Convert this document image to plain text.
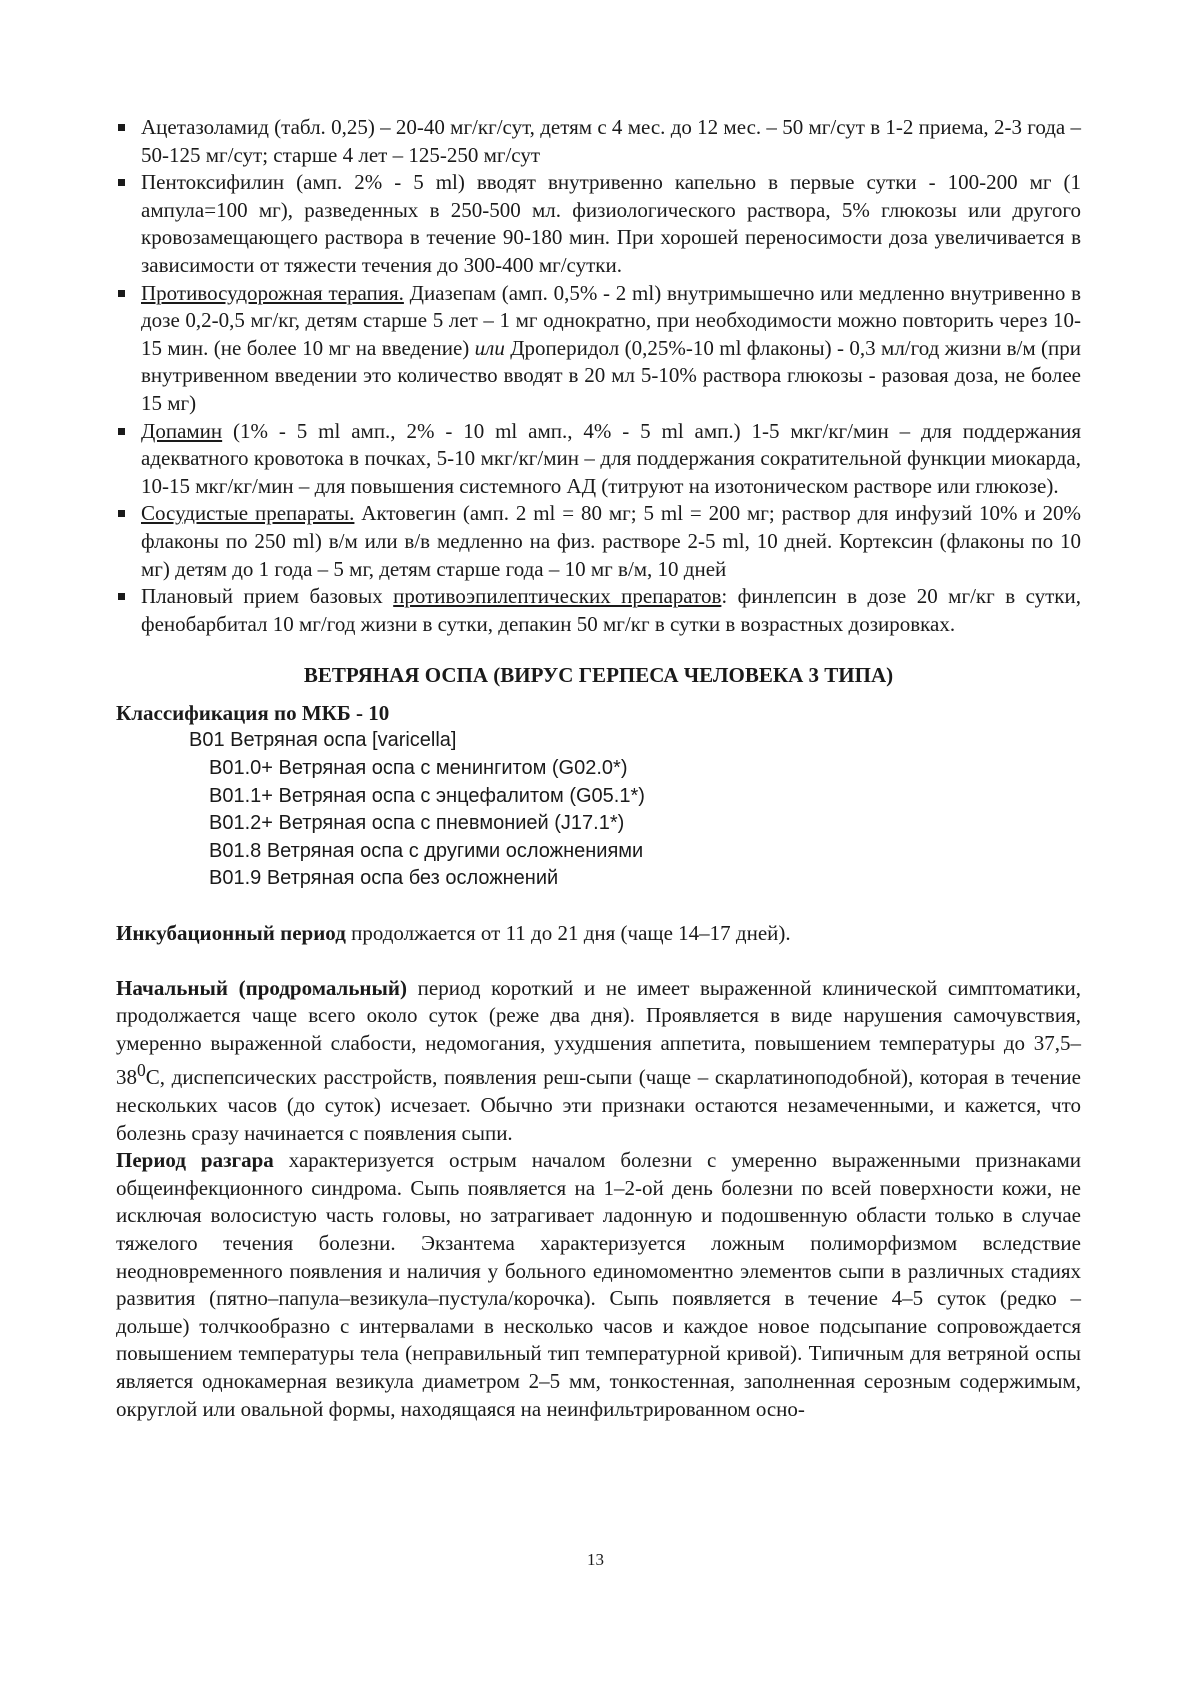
Ацетазоламид (табл. 0,25) – 20-40 мг/кг/сут, детям с 4 мес. до 12 мес. – 50 мг/сут в 1-2 приема, 2-3 года – 50-125 мг/сут; старше 4 лет – 125-250 мг/сут
Пентоксифилин (амп. 2% - 5 ml) вводят внутривенно капельно в первые сутки - 100-200 мг (1 ампула=100 мг), разведенных в 250-500 мл. физиологического раствора, 5% глюкозы или другого кровозамещающего раствора в течение 90-180 мин. При хорошей переносимости доза увеличивается в зависимости от тяжести течения до 300-400 мг/сутки.
Противосудорожная терапия. Диазепам (амп. 0,5% - 2 ml) внутримышечно или медленно внутривенно в дозе 0,2-0,5 мг/кг, детям старше 5 лет – 1 мг однократно, при необходимости можно повторить через 10-15 мин. (не более 10 мг на введение) или Дроперидол (0,25%-10 ml флаконы) - 0,3 мл/год жизни в/м (при внутривенном введении это количество вводят в 20 мл 5-10% раствора глюкозы - разовая доза, не более 15 мг)
Допамин (1% - 5 ml амп., 2% - 10 ml амп., 4% - 5 ml амп.) 1-5 мкг/кг/мин – для поддержания адекватного кровотока в почках, 5-10 мкг/кг/мин – для поддержания сократительной функции миокарда, 10-15 мкг/кг/мин – для повышения системного АД (титруют на изотоническом растворе или глюкозе).
Сосудистые препараты. Актовегин (амп. 2 ml = 80 мг; 5 ml = 200 мг; раствор для инфузий 10% и 20% флаконы по 250 ml) в/м или в/в медленно на физ. растворе 2-5 ml, 10 дней. Кортексин (флаконы по 10 мг) детям до 1 года – 5 мг, детям старше года – 10 мг в/м, 10 дней
Плановый прием базовых противоэпилептических препаратов: финлепсин в дозе 20 мг/кг в сутки, фенобарбитал 10 мг/год жизни в сутки, депакин 50 мг/кг в сутки в возрастных дозировках.
ВЕТРЯНАЯ ОСПА (ВИРУС ГЕРПЕСА ЧЕЛОВЕКА 3 ТИПА)
Классификация по МКБ - 10
B01 Ветряная оспа [varicella]
B01.0+ Ветряная оспа с менингитом (G02.0*)
B01.1+ Ветряная оспа с энцефалитом (G05.1*)
B01.2+ Ветряная оспа с пневмонией (J17.1*)
B01.8 Ветряная оспа с другими осложнениями
B01.9 Ветряная оспа без осложнений

Инкубационный период продолжается от 11 до 21 дня (чаще 14–17 дней).

Начальный (продромальный) период короткий и не имеет выраженной клинической симптоматики, продолжается чаще всего около суток (реже два дня). Проявляется в виде нарушения самочувствия, умеренно выраженной слабости, недомогания, ухудшения аппетита, повышением температуры до $37,5-38^0С$, диспепсических расстройств, появления реш-сыпи (чаще – скарлатиноподобной), которая в течение нескольких часов (до суток) исчезает. Обычно эти признаки остаются незамеченными, и кажется, что болезнь сразу начинается с появления сыпи.

Период разгара характеризуется острым началом болезни с умеренно выраженными признаками общеинфекционного синдрома. Сыпь появляется на 1–2-ой день болезни по всей поверхности кожи, не исключая волосистую часть головы, но затрагивает ладонную и подошвенную области только в случае тяжелого течения болезни. Экзантема характеризуется ложным полиморфизмом вследствие неодновременного появления и наличия у больного единомоментно элементов сыпи в различных стадиях развития (пятно–папула–везикула–пустула/корочка). Сыпь появляется в течение 4–5 суток (редко – дольше) толчкообразно с интервалами в несколько часов и каждое новое подсыпание сопровождается повышением температуры тела (неправильный тип температурной кривой). Типичным для ветряной оспы является однокамерная везикула диаметром 2–5 мм, тонкостенная, заполненная серозным содержимым, округлой или овальной формы, находящаяся на неинфильтрированном осно-

13
